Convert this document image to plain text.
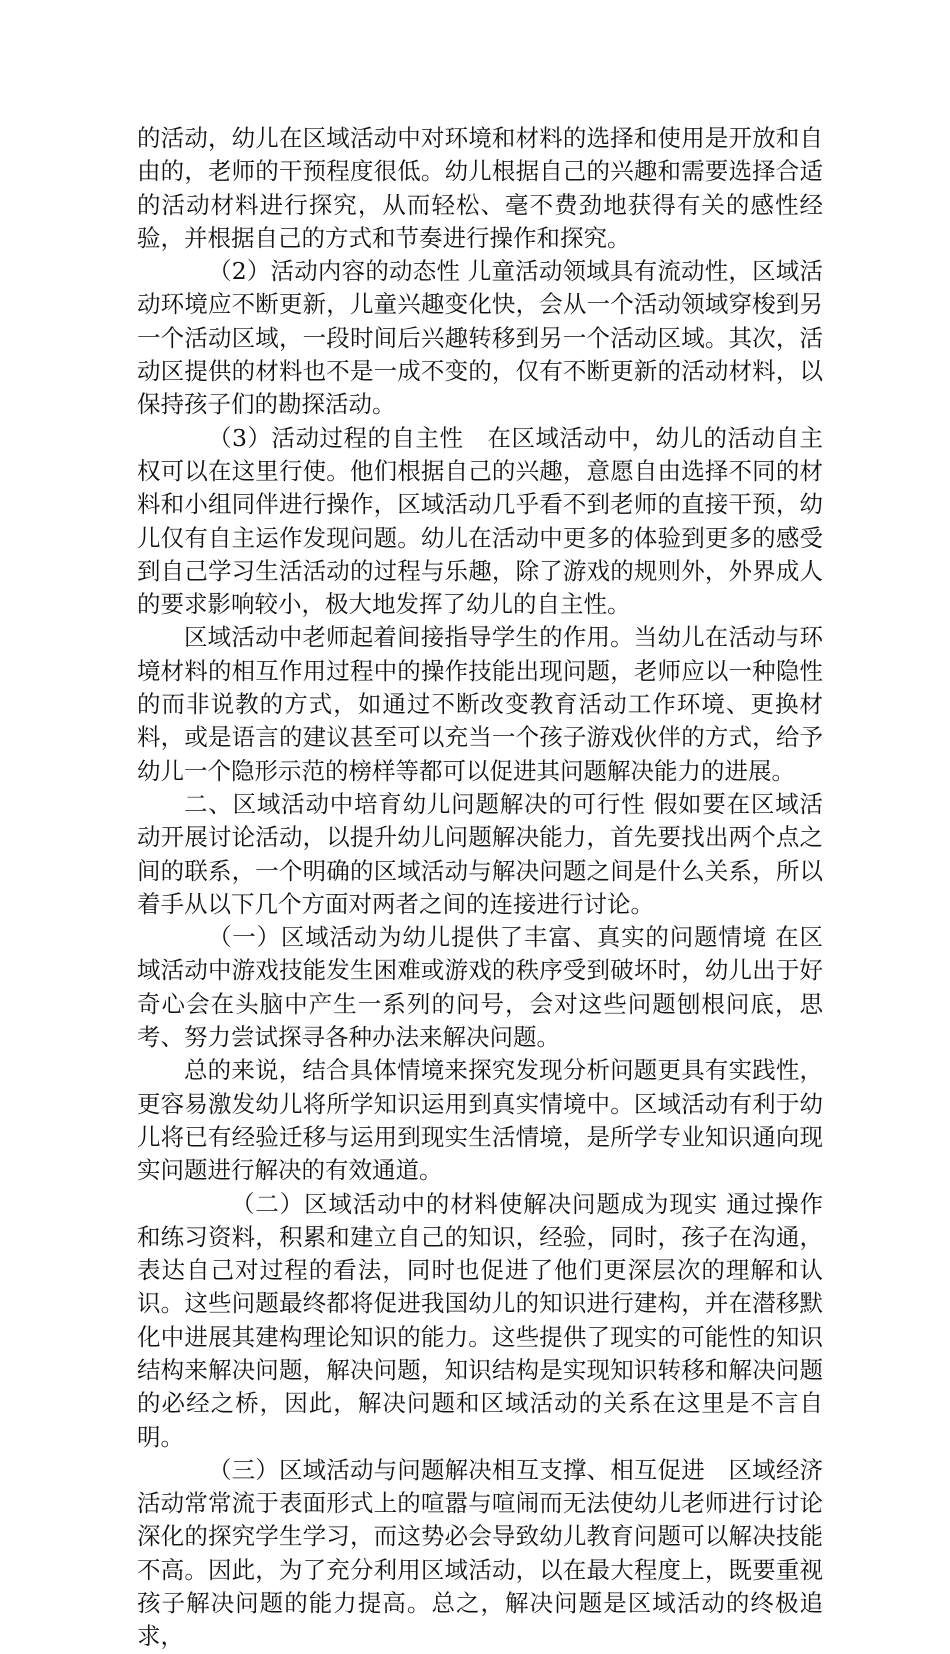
的活动，幼儿在区域活动中对环境和材料的选择和使用是开放和自由的，老师的干预程度很低。幼儿根据自己的兴趣和需要选择合适的活动材料进行探究，从而轻松、毫不费劲地获得有关的感性经验，并根据自己的方式和节奏进行操作和探究。

（2）活动内容的动态性 儿童活动领域具有流动性，区域活动环境应不断更新，儿童兴趣变化快，会从一个活动领域穿梭到另一个活动区域，一段时间后兴趣转移到另一个活动区域。其次，活动区提供的材料也不是一成不变的，仅有不断更新的活动材料，以保持孩子们的勘探活动。

（3）活动过程的自主性　在区域活动中，幼儿的活动自主权可以在这里行使。他们根据自己的兴趣，意愿自由选择不同的材料和小组同伴进行操作，区域活动几乎看不到老师的直接干预，幼儿仅有自主运作发现问题。幼儿在活动中更多的体验到更多的感受到自己学习生活活动的过程与乐趣，除了游戏的规则外，外界成人的要求影响较小，极大地发挥了幼儿的自主性。

区域活动中老师起着间接指导学生的作用。当幼儿在活动与环境材料的相互作用过程中的操作技能出现问题，老师应以一种隐性的而非说教的方式，如通过不断改变教育活动工作环境、更换材料，或是语言的建议甚至可以充当一个孩子游戏伙伴的方式，给予幼儿一个隐形示范的榜样等都可以促进其问题解决能力的进展。

二、区域活动中培育幼儿问题解决的可行性 假如要在区域活动开展讨论活动，以提升幼儿问题解决能力，首先要找出两个点之间的联系，一个明确的区域活动与解决问题之间是什么关系，所以着手从以下几个方面对两者之间的连接进行讨论。

（一）区域活动为幼儿提供了丰富、真实的问题情境 在区域活动中游戏技能发生困难或游戏的秩序受到破坏时，幼儿出于好奇心会在头脑中产生一系列的问号，会对这些问题刨根问底，思考、努力尝试探寻各种办法来解决问题。

总的来说，结合具体情境来探究发现分析问题更具有实践性，更容易激发幼儿将所学知识运用到真实情境中。区域活动有利于幼儿将已有经验迁移与运用到现实生活情境，是所学专业知识通向现实问题进行解决的有效通道。

（二）区域活动中的材料使解决问题成为现实 通过操作和练习资料，积累和建立自己的知识，经验，同时，孩子在沟通，表达自己对过程的看法，同时也促进了他们更深层次的理解和认识。这些问题最终都将促进我国幼儿的知识进行建构，并在潜移默化中进展其建构理论知识的能力。这些提供了现实的可能性的知识结构来解决问题，解决问题，知识结构是实现知识转移和解决问题的必经之桥，因此，解决问题和区域活动的关系在这里是不言自明。

（三）区域活动与问题解决相互支撑、相互促进　区域经济活动常常流于表面形式上的喧嚣与喧闹而无法使幼儿老师进行讨论深化的探究学生学习，而这势必会导致幼儿教育问题可以解决技能不高。因此，为了充分利用区域活动，以在最大程度上，既要重视孩子解决问题的能力提高。总之，解决问题是区域活动的终极追求，
